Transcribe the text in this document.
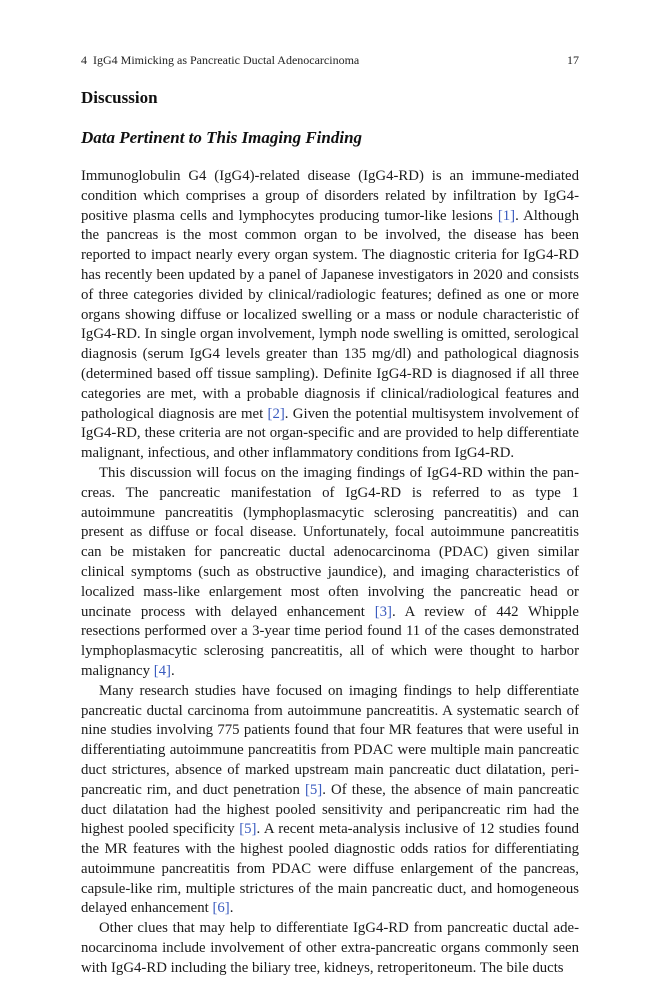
4 IgG4 Mimicking as Pancreatic Ductal Adenocarcinoma	17
Discussion
Data Pertinent to This Imaging Finding

Immunoglobulin G4 (IgG4)-related disease (IgG4-RD) is an immune-mediated condition which comprises a group of disorders related by infiltration by IgG4-positive plasma cells and lymphocytes producing tumor-like lesions [1]. Although the pancreas is the most common organ to be involved, the disease has been reported to impact nearly every organ system. The diagnostic criteria for IgG4-RD has recently been updated by a panel of Japanese investigators in 2020 and consists of three categories divided by clinical/radiologic features; defined as one or more organs showing diffuse or localized swelling or a mass or nodule characteristic of IgG4-RD. In single organ involvement, lymph node swelling is omitted, serological diagnosis (serum IgG4 levels greater than 135 mg/dl) and pathological diagnosis (determined based off tissue sampling). Definite IgG4-RD is diagnosed if all three categories are met, with a probable diagnosis if clinical/radiological features and pathological diagnosis are met [2]. Given the potential multisystem involvement of IgG4-RD, these criteria are not organ-specific and are provided to help differentiate malignant, infectious, and other inflammatory conditions from IgG4-RD.

This discussion will focus on the imaging findings of IgG4-RD within the pancreas. The pancreatic manifestation of IgG4-RD is referred to as type 1 autoimmune pancreatitis (lymphoplasmacytic sclerosing pancreatitis) and can present as diffuse or focal disease. Unfortunately, focal autoimmune pancreatitis can be mistaken for pancreatic ductal adenocarcinoma (PDAC) given similar clinical symptoms (such as obstructive jaundice), and imaging characteristics of localized mass-like enlargement most often involving the pancreatic head or uncinate process with delayed enhancement [3]. A review of 442 Whipple resections performed over a 3-year time period found 11 of the cases demonstrated lymphoplasmacytic sclerosing pancreatitis, all of which were thought to harbor malignancy [4].

Many research studies have focused on imaging findings to help differentiate pancreatic ductal carcinoma from autoimmune pancreatitis. A systematic search of nine studies involving 775 patients found that four MR features that were useful in differentiating autoimmune pancreatitis from PDAC were multiple main pancreatic duct strictures, absence of marked upstream main pancreatic duct dilatation, peripancreatic rim, and duct penetration [5]. Of these, the absence of main pancreatic duct dilatation had the highest pooled sensitivity and peripancreatic rim had the highest pooled specificity [5]. A recent meta-analysis inclusive of 12 studies found the MR features with the highest pooled diagnostic odds ratios for differentiating autoimmune pancreatitis from PDAC were diffuse enlargement of the pancreas, capsule-like rim, multiple strictures of the main pancreatic duct, and homogeneous delayed enhancement [6].

Other clues that may help to differentiate IgG4-RD from pancreatic ductal adenocarcinoma include involvement of other extra-pancreatic organs commonly seen with IgG4-RD including the biliary tree, kidneys, retroperitoneum. The bile ducts
